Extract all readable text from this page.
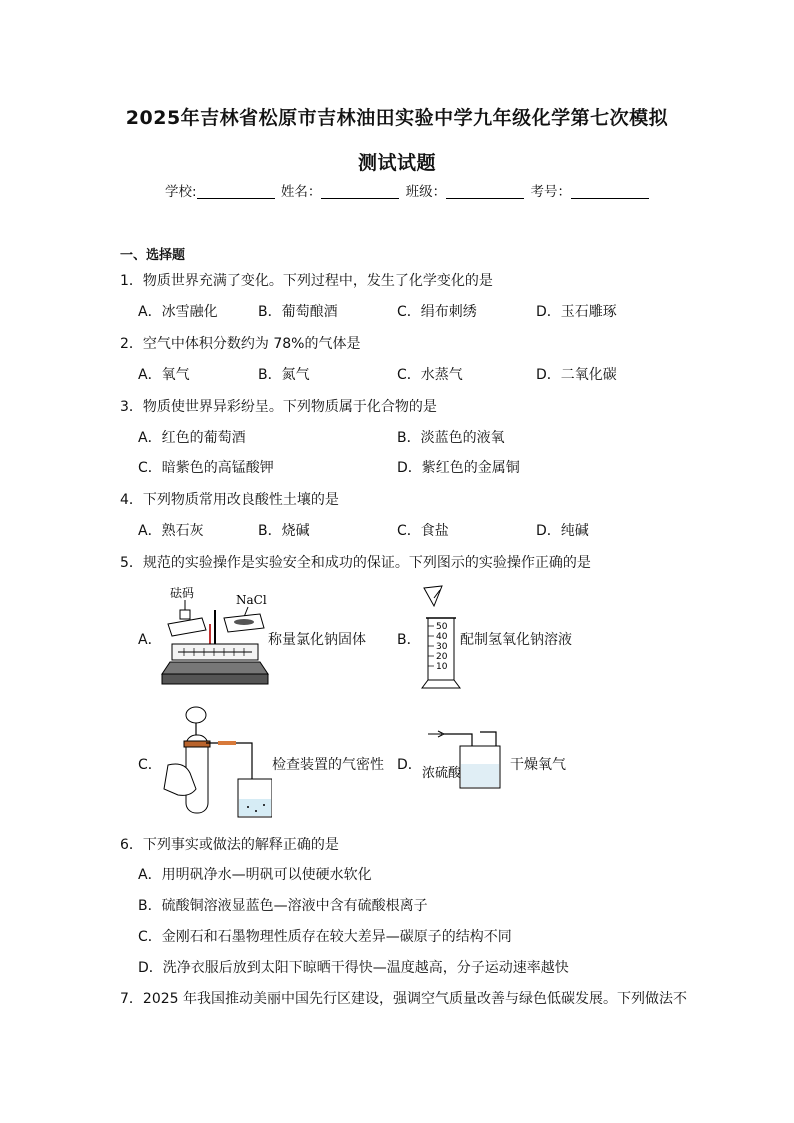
2025年吉林省松原市吉林油田实验中学九年级化学第七次模拟
测试试题
学校:	姓名：	班级：	考号：
一、选择题
1．物质世界充满了变化。下列过程中，发生了化学变化的是
A．冰雪融化	B．葡萄酿酒	C．绢布刺绣	D．玉石雕琢
2．空气中体积分数约为 78%的气体是
A．氧气	B．氮气	C．水蒸气	D．二氧化碳
3．物质使世界异彩纷呈。下列物质属于化合物的是
A．红色的葡萄酒	B．淡蓝色的液氧
C．暗紫色的高锰酸钾	D．紫红色的金属铜
4．下列物质常用改良酸性土壤的是
A．熟石灰	B．烧碱	C．食盐	D．纯碱
5．规范的实验操作是实验安全和成功的保证。下列图示的实验操作正确的是
A．
砝码	NaCl
称量氯化钠固体 B．
50
40
30
20
10
配制氢氧化钠溶液
C．	检查装置的气密性 D．
浓硫酸
干燥氧气
6．下列事实或做法的解释正确的是
A．用明矾净水—明矾可以使硬水软化
B．硫酸铜溶液显蓝色—溶液中含有硫酸根离子
C．金刚石和石墨物理性质存在较大差异—碳原子的结构不同
D．洗净衣服后放到太阳下晾晒干得快—温度越高，分子运动速率越快
7．2025 年我国推动美丽中国先行区建设，强调空气质量改善与绿色低碳发展。下列做法不
